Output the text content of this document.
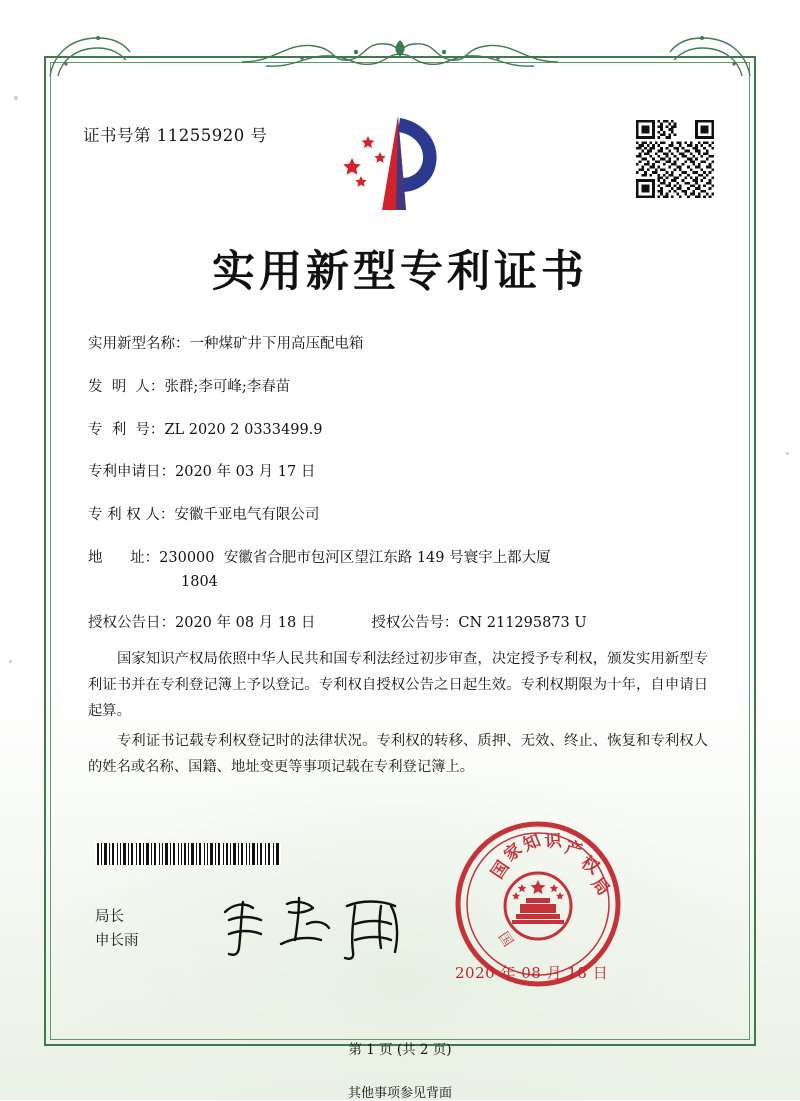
证书号第 11255920 号
实用新型专利证书
实用新型名称： 一种煤矿井下用高压配电箱
发  明  人： 张群;李可峰;李春苗
专  利  号： ZL 2020 2 0333499.9
专利申请日： 2020 年 03 月 17 日
专 利 权 人： 安徽千亚电气有限公司
地      址： 230000  安徽省合肥市包河区望江东路 149 号寰宇上都大厦
1804
授权公告日： 2020 年 08 月 18 日	授权公告号： CN 211295873 U

国家知识产权局依照中华人民共和国专利法经过初步审查，决定授予专利权，颁发实用新型专利证书并在专利登记簿上予以登记。专利权自授权公告之日起生效。专利权期限为十年，自申请日起算。

专利证书记载专利权登记时的法律状况。专利权的转移、质押、无效、终止、恢复和专利权人的姓名或名称、国籍、地址变更等事项记载在专利登记簿上。

局长
申长雨
国
家
知 识 产
权
局
国
2020 年 08 月 18 日
第 1 页 (共 2 页)
其他事项参见背面
